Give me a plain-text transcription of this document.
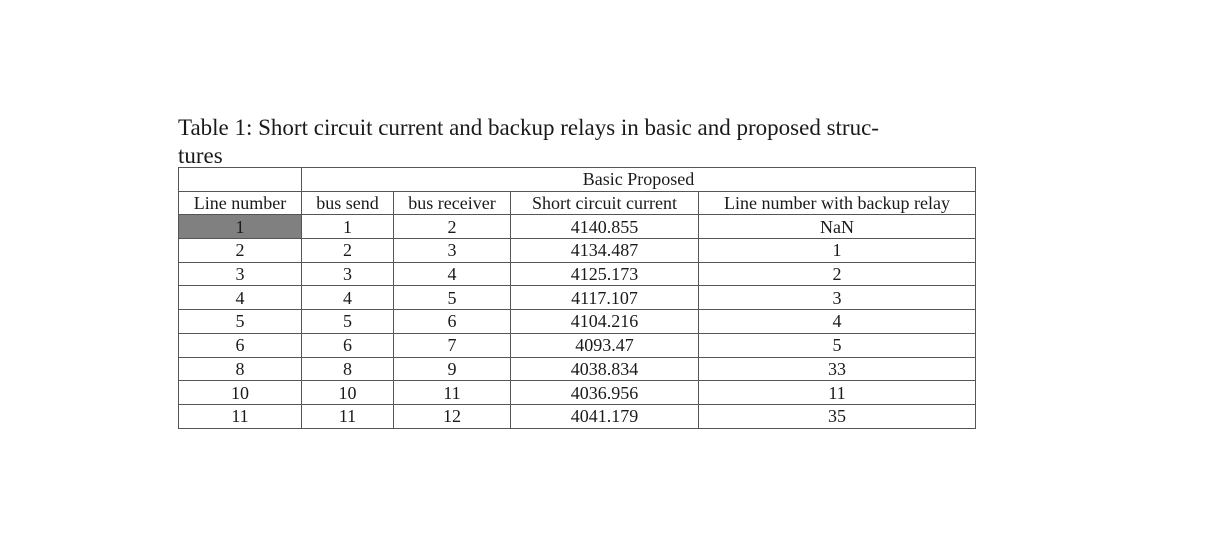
Table 1: Short circuit current and backup relays in basic and proposed struc-
tures
	Basic Proposed			
Line number	bus send	bus receiver	Short circuit current	Line number with backup relay
1	1	2	4140.855	NaN
2	2	3	4134.487	1
3	3	4	4125.173	2
4	4	5	4117.107	3
5	5	6	4104.216	4
6	6	7	4093.47	5
8	8	9	4038.834	33
10	10	11	4036.956	11
11	11	12	4041.179	35
